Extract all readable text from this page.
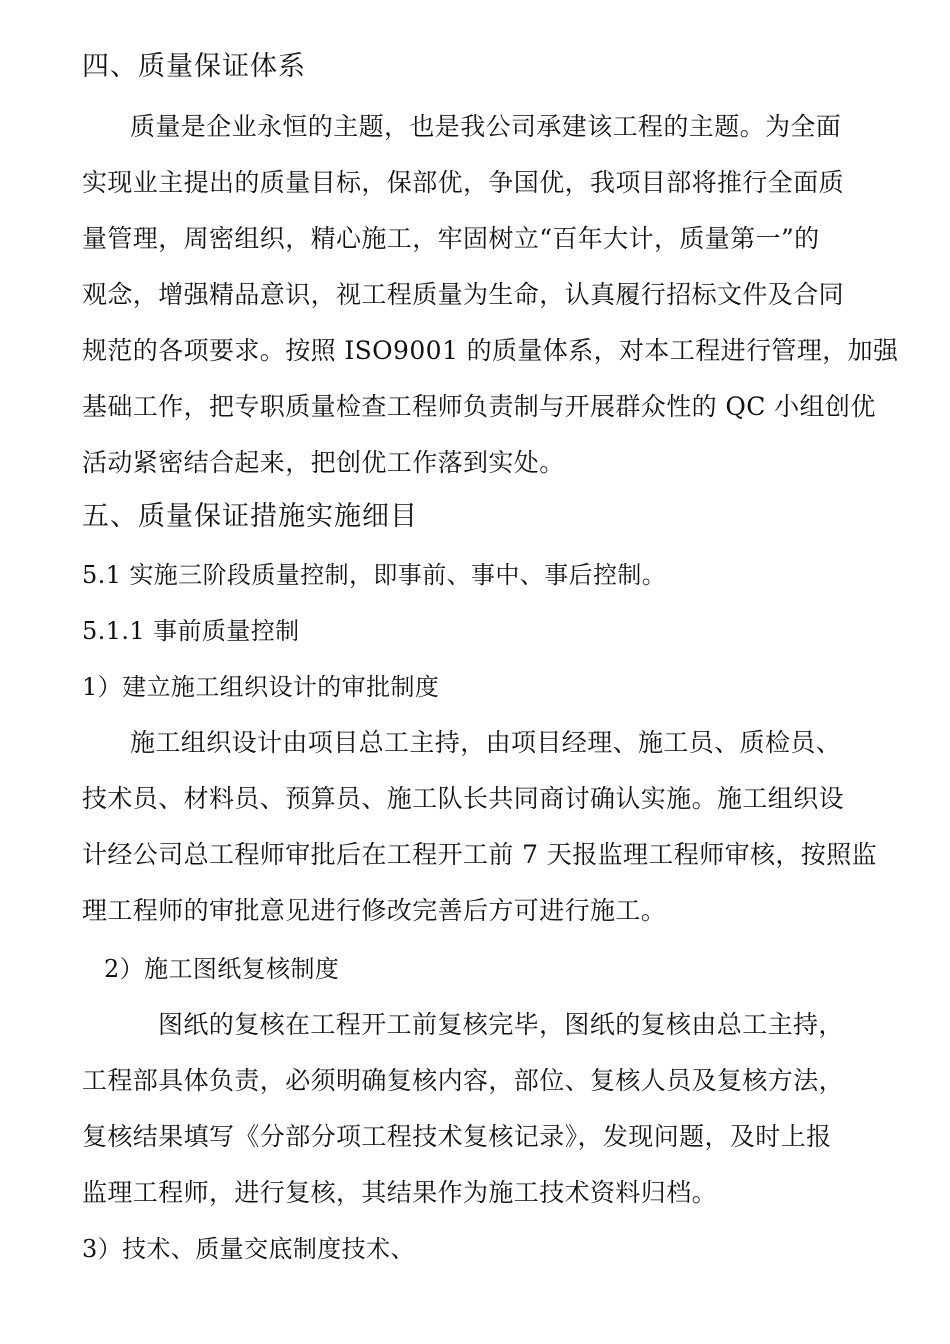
四、质量保证体系
质量是企业永恒的主题，也是我公司承建该工程的主题。为全面
实现业主提出的质量目标，保部优，争国优，我项目部将推行全面质
量管理，周密组织，精心施工，牢固树立“百年大计，质量第一”的
观念，增强精品意识，视工程质量为生命，认真履行招标文件及合同
规范的各项要求。按照 ISO9001 的质量体系，对本工程进行管理，加强
基础工作，把专职质量检查工程师负责制与开展群众性的 QC 小组创优
活动紧密结合起来，把创优工作落到实处。
五、质量保证措施实施细目
5.1 实施三阶段质量控制，即事前、事中、事后控制。
5.1.1 事前质量控制
1）建立施工组织设计的审批制度
施工组织设计由项目总工主持，由项目经理、施工员、质检员、
技术员、材料员、预算员、施工队长共同商讨确认实施。施工组织设
计经公司总工程师审批后在工程开工前 7 天报监理工程师审核，按照监
理工程师的审批意见进行修改完善后方可进行施工。
2）施工图纸复核制度
图纸的复核在工程开工前复核完毕，图纸的复核由总工主持，
工程部具体负责，必须明确复核内容，部位、复核人员及复核方法，
复核结果填写《分部分项工程技术复核记录》，发现问题，及时上报
监理工程师，进行复核，其结果作为施工技术资料归档。
3）技术、质量交底制度技术、
